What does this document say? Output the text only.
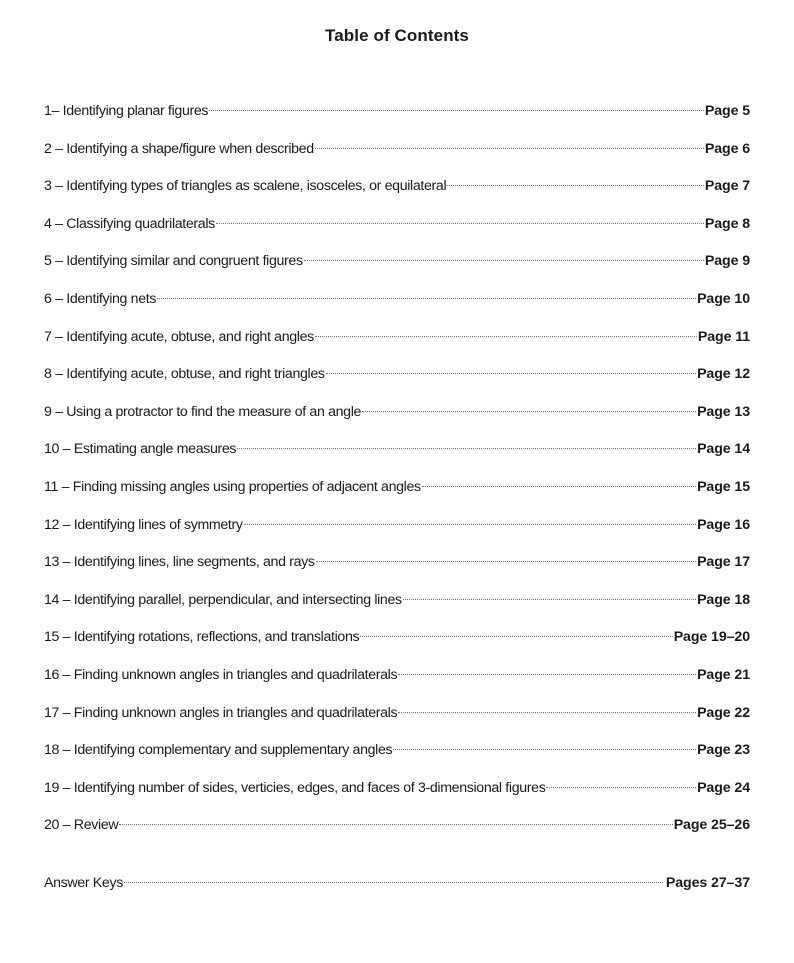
Table of Contents
1– Identifying planar figures	Page 5
2 – Identifying a shape/figure when described	Page 6
3 – Identifying types of triangles as scalene, isosceles, or equilateral	Page 7
4 – Classifying quadrilaterals	Page 8
5 – Identifying similar and congruent figures	Page 9
6 – Identifying nets	Page 10
7 – Identifying acute, obtuse, and right angles	Page 11
8 – Identifying acute, obtuse, and right triangles	Page 12
9 – Using a protractor to find the measure of an angle	Page 13
10 – Estimating angle measures	Page 14
11 – Finding missing angles using properties of adjacent angles	Page 15
12 – Identifying lines of symmetry	Page 16
13 – Identifying lines, line segments, and rays	Page 17
14 – Identifying parallel, perpendicular, and intersecting lines	Page 18
15 – Identifying rotations, reflections, and translations	Page 19–20
16 – Finding unknown angles in triangles and quadrilaterals	Page 21
17 – Finding unknown angles in triangles and quadrilaterals	Page 22
18 – Identifying complementary and supplementary angles	Page 23
19 – Identifying number of sides, verticies, edges, and faces of 3-dimensional figures	Page 24
20 – Review	Page 25–26
Answer Keys	Pages 27–37
